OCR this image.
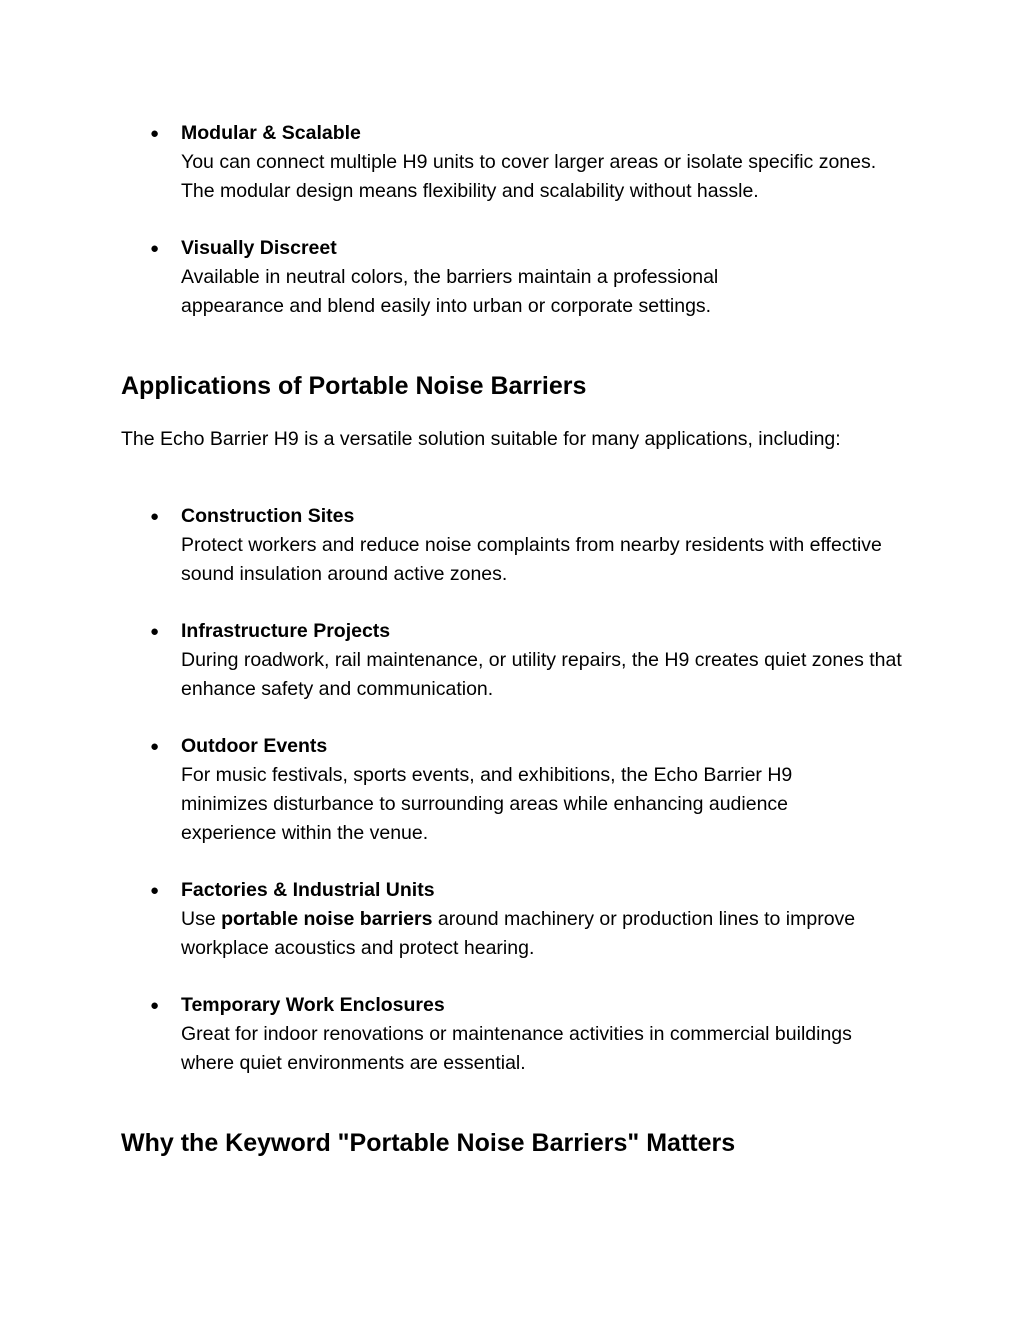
● Modular & Scalable
You can connect multiple H9 units to cover larger areas or isolate specific zones. The modular design means flexibility and scalability without hassle.
● Visually Discreet
Available in neutral colors, the barriers maintain a professional appearance and blend easily into urban or corporate settings.
Applications of Portable Noise Barriers

The Echo Barrier H9 is a versatile solution suitable for many applications, including:

● Construction Sites
Protect workers and reduce noise complaints from nearby residents with effective sound insulation around active zones.
● Infrastructure Projects
During roadwork, rail maintenance, or utility repairs, the H9 creates quiet zones that enhance safety and communication.
● Outdoor Events
For music festivals, sports events, and exhibitions, the Echo Barrier H9 minimizes disturbance to surrounding areas while enhancing audience experience within the venue.
● Factories & Industrial Units
Use portable noise barriers around machinery or production lines to improve workplace acoustics and protect hearing.
● Temporary Work Enclosures
Great for indoor renovations or maintenance activities in commercial buildings where quiet environments are essential.
Why the Keyword "Portable Noise Barriers" Matters
